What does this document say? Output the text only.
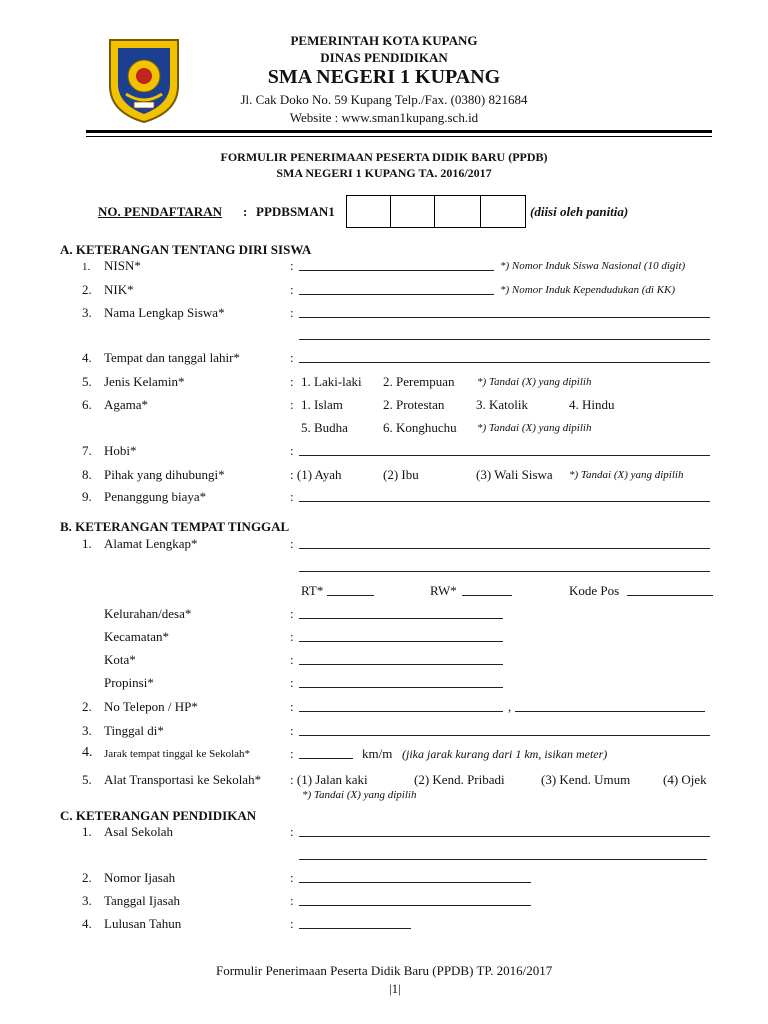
PEMERINTAH KOTA KUPANG
DINAS PENDIDIKAN
SMA NEGERI 1 KUPANG
Jl. Cak Doko No. 59 Kupang Telp./Fax. (0380) 821684
Website : www.sman1kupang.sch.id
FORMULIR PENERIMAAN PESERTA DIDIK BARU (PPDB)
SMA NEGERI 1 KUPANG TA. 2016/2017
NO. PENDAFTARAN : PPDBSMAN1	(diisi oleh panitia)
A. KETERANGAN TENTANG DIRI SISWA
1. NISN*	:	*) Nomor Induk Siswa Nasional (10 digit)
2. NIK*	:	*) Nomor Induk Kependudukan (di KK)
3. Nama Lengkap Siswa*	:
4. Tempat dan tanggal lahir*	:
5. Jenis Kelamin*	: 1. Laki-laki 2. Perempuan *) Tandai (X) yang dipilih
6. Agama*	: 1. Islam	2. Protestan 3. Katolik	4. Hindu
5. Budha	6. Konghuchu *) Tandai (X) yang dipilih
7. Hobi*	:
8. Pihak yang dihubungi*	: (1) Ayah	(2) Ibu	(3) Wali Siswa *) Tandai (X) yang dipilih
9. Penanggung biaya*	:
B. KETERANGAN TEMPAT TINGGAL
1. Alamat Lengkap*	:
RT*	RW*	Kode Pos
Kelurahan/desa*	:
Kecamatan*	:
Kota*	:
Propinsi*	:
2. No Telepon / HP*	:	,
3. Tinggal di*	:
4. Jarak tempat tinggal ke Sekolah*	:	km/m (jika jarak kurang dari 1 km, isikan meter)
5. Alat Transportasi ke Sekolah* : (1) Jalan kaki	(2) Kend. Pribadi	(3) Kend. Umum	(4) Ojek
*) Tandai (X) yang dipilih
C. KETERANGAN PENDIDIKAN
1. Asal Sekolah	:
2. Nomor Ijasah	:
3. Tanggal Ijasah	:
4. Lulusan Tahun	:
Formulir Penerimaan Peserta Didik Baru (PPDB) TP. 2016/2017
|1|
